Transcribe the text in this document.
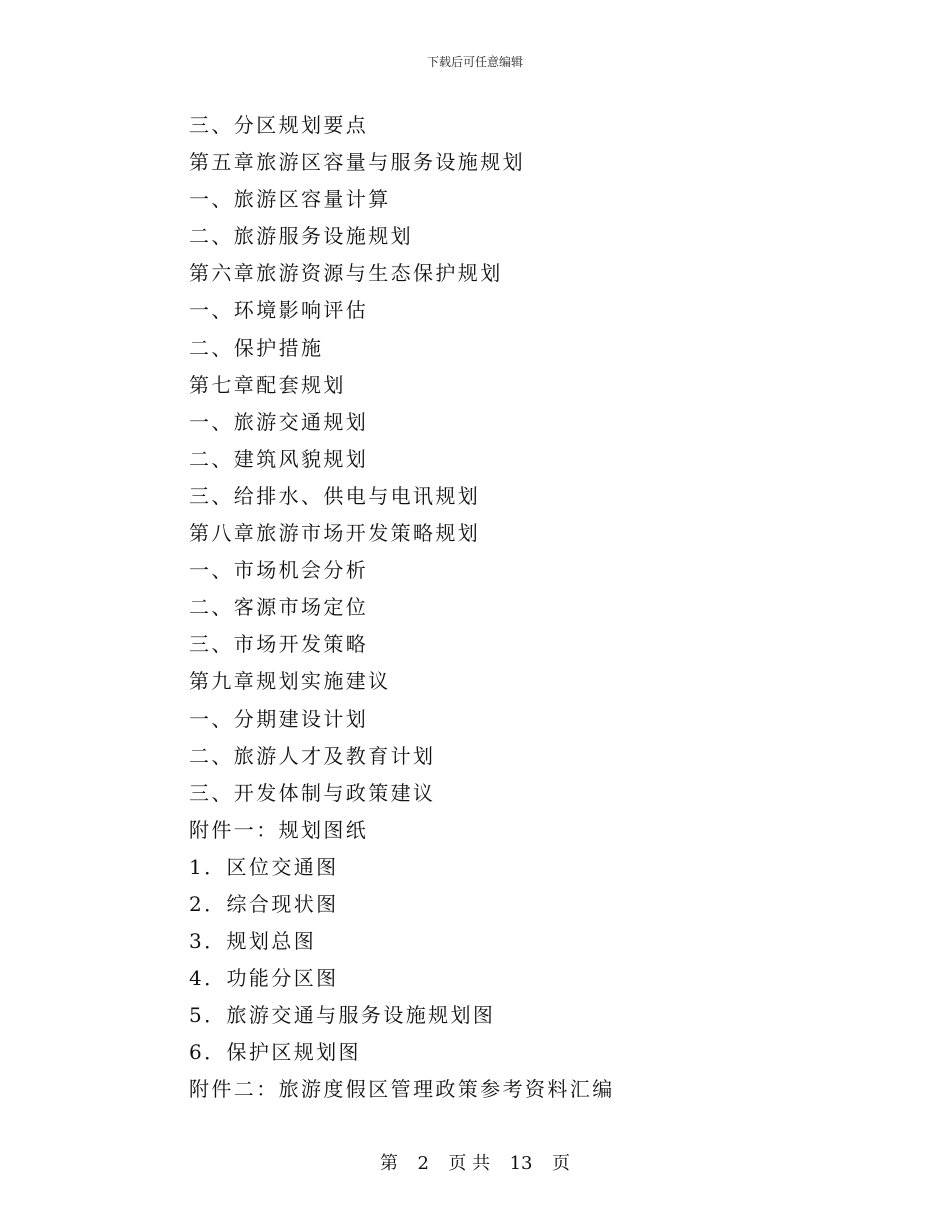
下载后可任意编辑
三、分区规划要点
第五章旅游区容量与服务设施规划
一、旅游区容量计算
二、旅游服务设施规划
第六章旅游资源与生态保护规划
一、环境影响评估
二、保护措施
第七章配套规划
一、旅游交通规划
二、建筑风貌规划
三、给排水、供电与电讯规划
第八章旅游市场开发策略规划
一、市场机会分析
二、客源市场定位
三、市场开发策略
第九章规划实施建议
一、分期建设计划
二、旅游人才及教育计划
三、开发体制与政策建议
附件一：规划图纸
1．区位交通图
2．综合现状图
3．规划总图
4．功能分区图
5．旅游交通与服务设施规划图
6．保护区规划图
附件二：旅游度假区管理政策参考资料汇编
第 2 页 共 13 页
